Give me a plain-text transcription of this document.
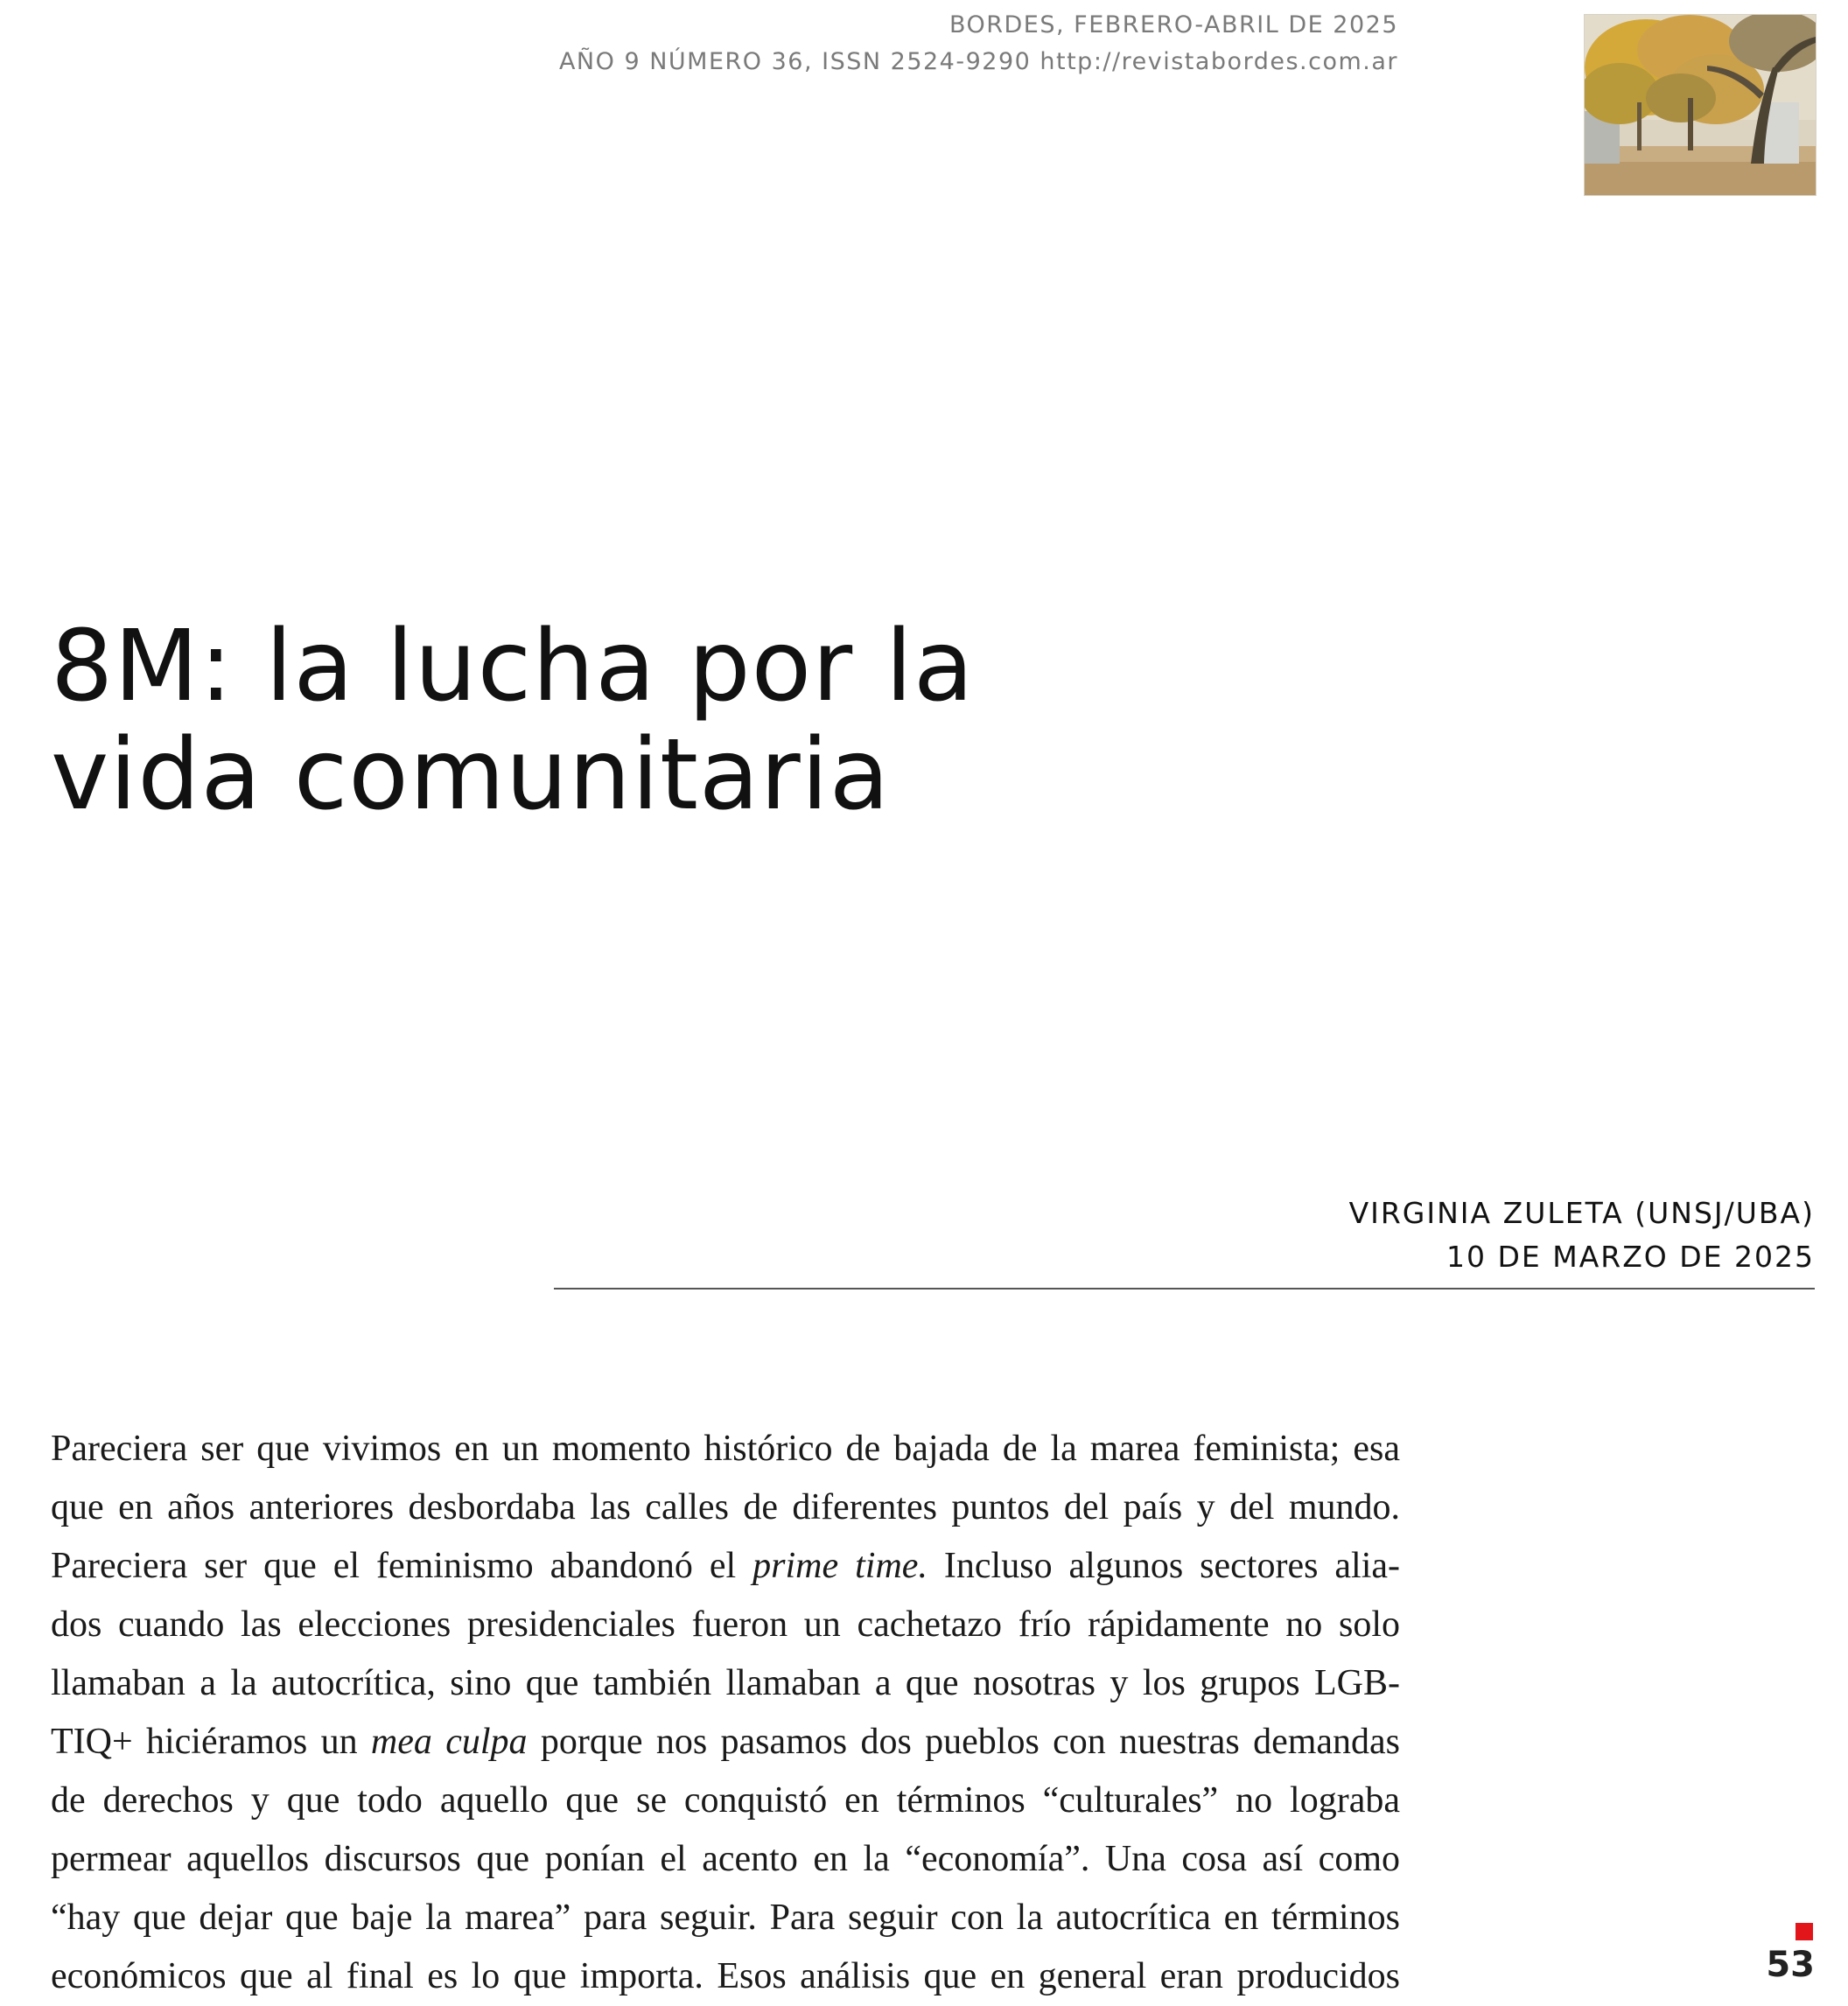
BORDES, FEBRERO-ABRIL DE 2025
AÑO 9 NÚMERO 36, ISSN 2524-9290 http://revistabordes.com.ar
8M: la lucha por la
vida comunitaria
VIRGINIA ZULETA (UNSJ/UBA)
10 DE MARZO DE 2025
Pareciera ser que vivimos en un momento histórico de bajada de la marea feminista; esa
que en años anteriores desbordaba las calles de diferentes puntos del país y del mundo.
Pareciera ser que el feminismo abandonó el prime time. Incluso algunos sectores alia-
dos cuando las elecciones presidenciales fueron un cachetazo frío rápidamente no solo
llamaban a la autocrítica, sino que también llamaban a que nosotras y los grupos LGB-
TIQ+ hiciéramos un mea culpa porque nos pasamos dos pueblos con nuestras demandas
de derechos y que todo aquello que se conquistó en términos “culturales” no lograba
permear aquellos discursos que ponían el acento en la “economía”. Una cosa así como
“hay que dejar que baje la marea” para seguir. Para seguir con la autocrítica en términos
económicos que al final es lo que importa. Esos análisis que en general eran producidos	53
